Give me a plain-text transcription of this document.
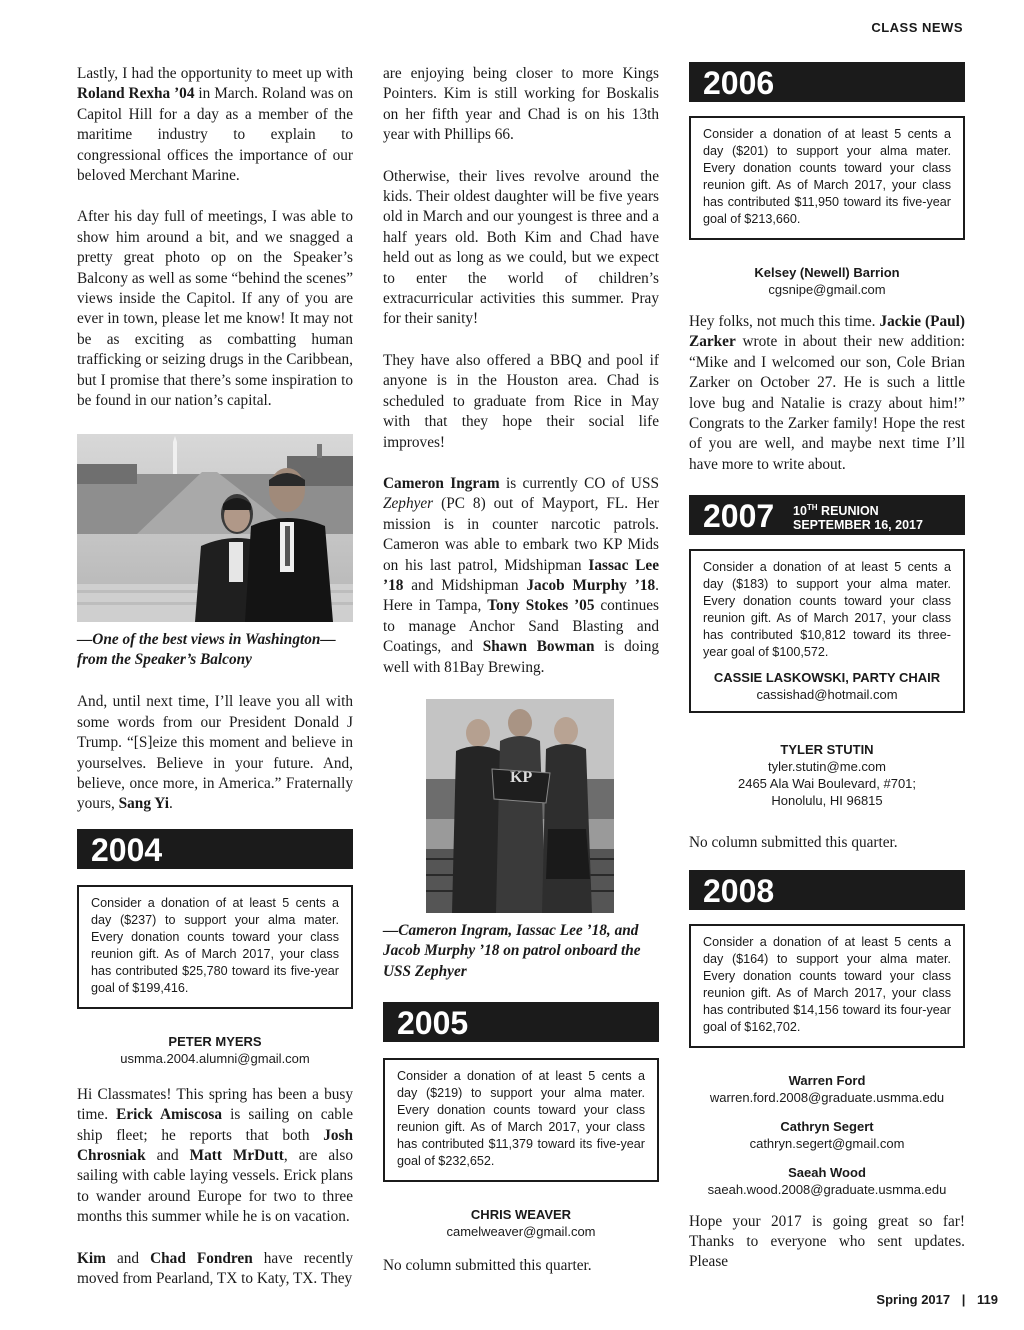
CLASS NEWS

Lastly, I had the opportunity to meet up with Roland Rexha ’04 in March. Roland was on Capitol Hill for a day as a member of the maritime industry to explain to congressional offices the importance of our beloved Merchant Marine.

After his day full of meetings, I was able to show him around a bit, and we snagged a pretty great photo op on the Speaker’s Balcony as well as some “behind the scenes” views inside the Capitol. If any of you are ever in town, please let me know! It may not be as exciting as combatting human trafficking or seizing drugs in the Caribbean, but I promise that there’s some inspiration to be found in our nation’s capital.

—One of the best views in Washington—from the Speaker’s Balcony

And, until next time, I’ll leave you all with some words from our President Donald J Trump. “[S]eize this moment and believe in yourselves. Believe in your future. And, believe, once more, in America.” Fraternally yours, Sang Yi.

2004
Consider a donation of at least 5 cents a day ($237) to support your alma mater. Every donation counts toward your class reunion gift. As of March 2017, your class has contributed $25,780 toward its five-year goal of $199,416.
PETER MYERS
usmma.2004.alumni@gmail.com

Hi Classmates! This spring has been a busy time. Erick Amiscosa is sailing on cable ship fleet; he reports that both Josh Chrosniak and Matt MrDutt, are also sailing with cable laying vessels. Erick plans to wander around Europe for two to three months this summer while he is on vacation.

Kim and Chad Fondren have recently moved from Pearland, TX to Katy, TX. They

are enjoying being closer to more Kings Pointers. Kim is still working for Boskalis on her fifth year and Chad is on his 13th year with Phillips 66.

Otherwise, their lives revolve around the kids. Their oldest daughter will be five years old in March and our youngest is three and a half years old. Both Kim and Chad have held out as long as we could, but we expect to enter the world of children’s extracurricular activities this summer. Pray for their sanity!

They have also offered a BBQ and pool if anyone is in the Houston area. Chad is scheduled to graduate from Rice in May with that they hope their social life improves!

Cameron Ingram is currently CO of USS Zephyer (PC 8) out of Mayport, FL. Her mission is in counter narcotic patrols. Cameron was able to embark two KP Mids on his last patrol, Midshipman Iassac Lee ’18 and Midshipman Jacob Murphy ’18. Here in Tampa, Tony Stokes ’05 continues to manage Anchor Sand Blasting and Coatings, and Shawn Bowman is doing well with 81Bay Brewing.

KP
—Cameron Ingram, Iassac Lee ’18, and Jacob Murphy ’18 on patrol onboard the USS Zephyer
2005
Consider a donation of at least 5 cents a day ($219) to support your alma mater. Every donation counts toward your class reunion gift. As of March 2017, your class has contributed $11,379 toward its five-year goal of $232,652.
CHRIS WEAVER
camelweaver@gmail.com

No column submitted this quarter.

2006
Consider a donation of at least 5 cents a day ($201) to support your alma mater. Every donation counts toward your class reunion gift. As of March 2017, your class has contributed $11,950 toward its five-year goal of $213,660.
Kelsey (Newell) Barrion
cgsnipe@gmail.com

Hey folks, not much this time. Jackie (Paul) Zarker wrote in about their new addition: “Mike and I welcomed our son, Cole Brian Zarker on October 27. He is such a little love bug and Natalie is crazy about him!” Congrats to the Zarker family! Hope the rest of you are well, and maybe next time I’ll have more to write about.

2007 10TH REUNION
SEPTEMBER 16, 2017
Consider a donation of at least 5 cents a day ($183) to support your alma mater. Every donation counts toward your class reunion gift. As of March 2017, your class has contributed $10,812 toward its three-year goal of $100,572.
CASSIE LASKOWSKI, PARTY CHAIR
cassishad@hotmail.com
TYLER STUTIN
tyler.stutin@me.com
2465 Ala Wai Boulevard, #701;
Honolulu, HI 96815

No column submitted this quarter.

2008
Consider a donation of at least 5 cents a day ($164) to support your alma mater. Every donation counts toward your class reunion gift. As of March 2017, your class has contributed $14,156 toward its four-year goal of $162,702.
Warren Ford
warren.ford.2008@graduate.usmma.edu
Cathryn Segert
cathryn.segert@gmail.com
Saeah Wood
saeah.wood.2008@graduate.usmma.edu

Hope your 2017 is going great so far! Thanks to everyone who sent updates. Please

Spring 2017 | 119
